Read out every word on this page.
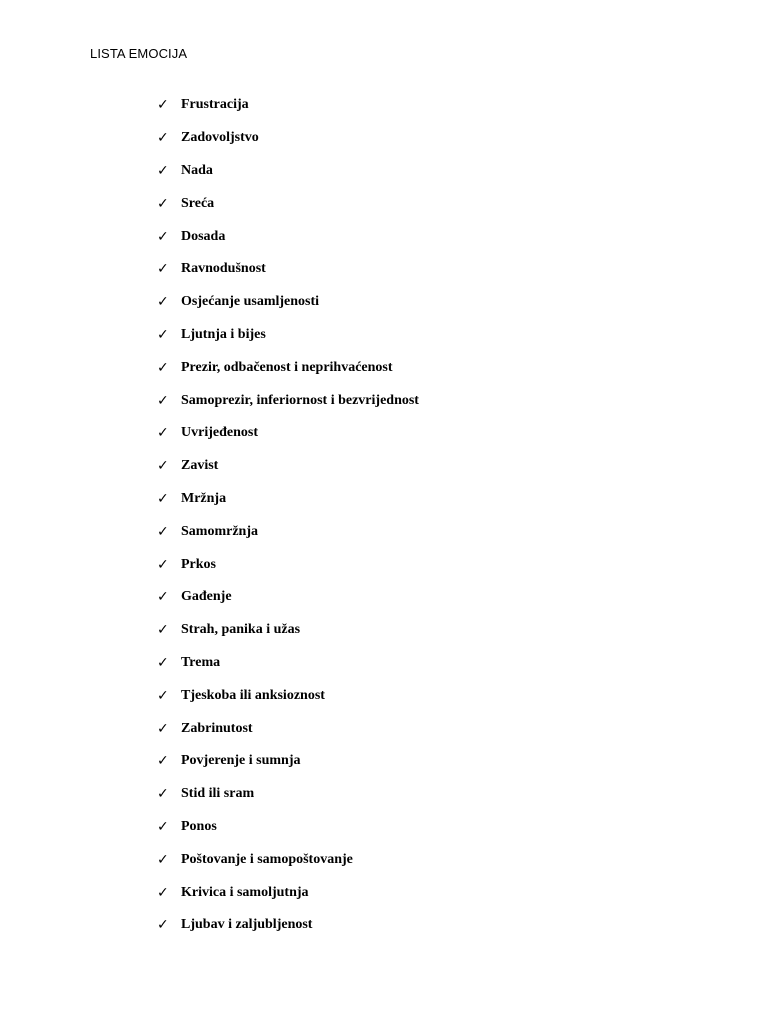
LISTA EMOCIJA
✓ Frustracija
✓ Zadovoljstvo
✓ Nada
✓ Sreća
✓ Dosada
✓ Ravnodušnost
✓ Osjećanje usamljenosti
✓ Ljutnja i bijes
✓ Prezir, odbačenost i neprihvaćenost
✓ Samoprezir, inferiornost i bezvrijednost
✓ Uvrijeđenost
✓ Zavist
✓ Mržnja
✓ Samomržnja
✓ Prkos
✓ Gađenje
✓ Strah, panika i užas
✓ Trema
✓ Tjeskoba ili anksioznost
✓ Zabrinutost
✓ Povjerenje i sumnja
✓ Stid ili sram
✓ Ponos
✓ Poštovanje i samopoštovanje
✓ Krivica i samoljutnja
✓ Ljubav i zaljubljenost
